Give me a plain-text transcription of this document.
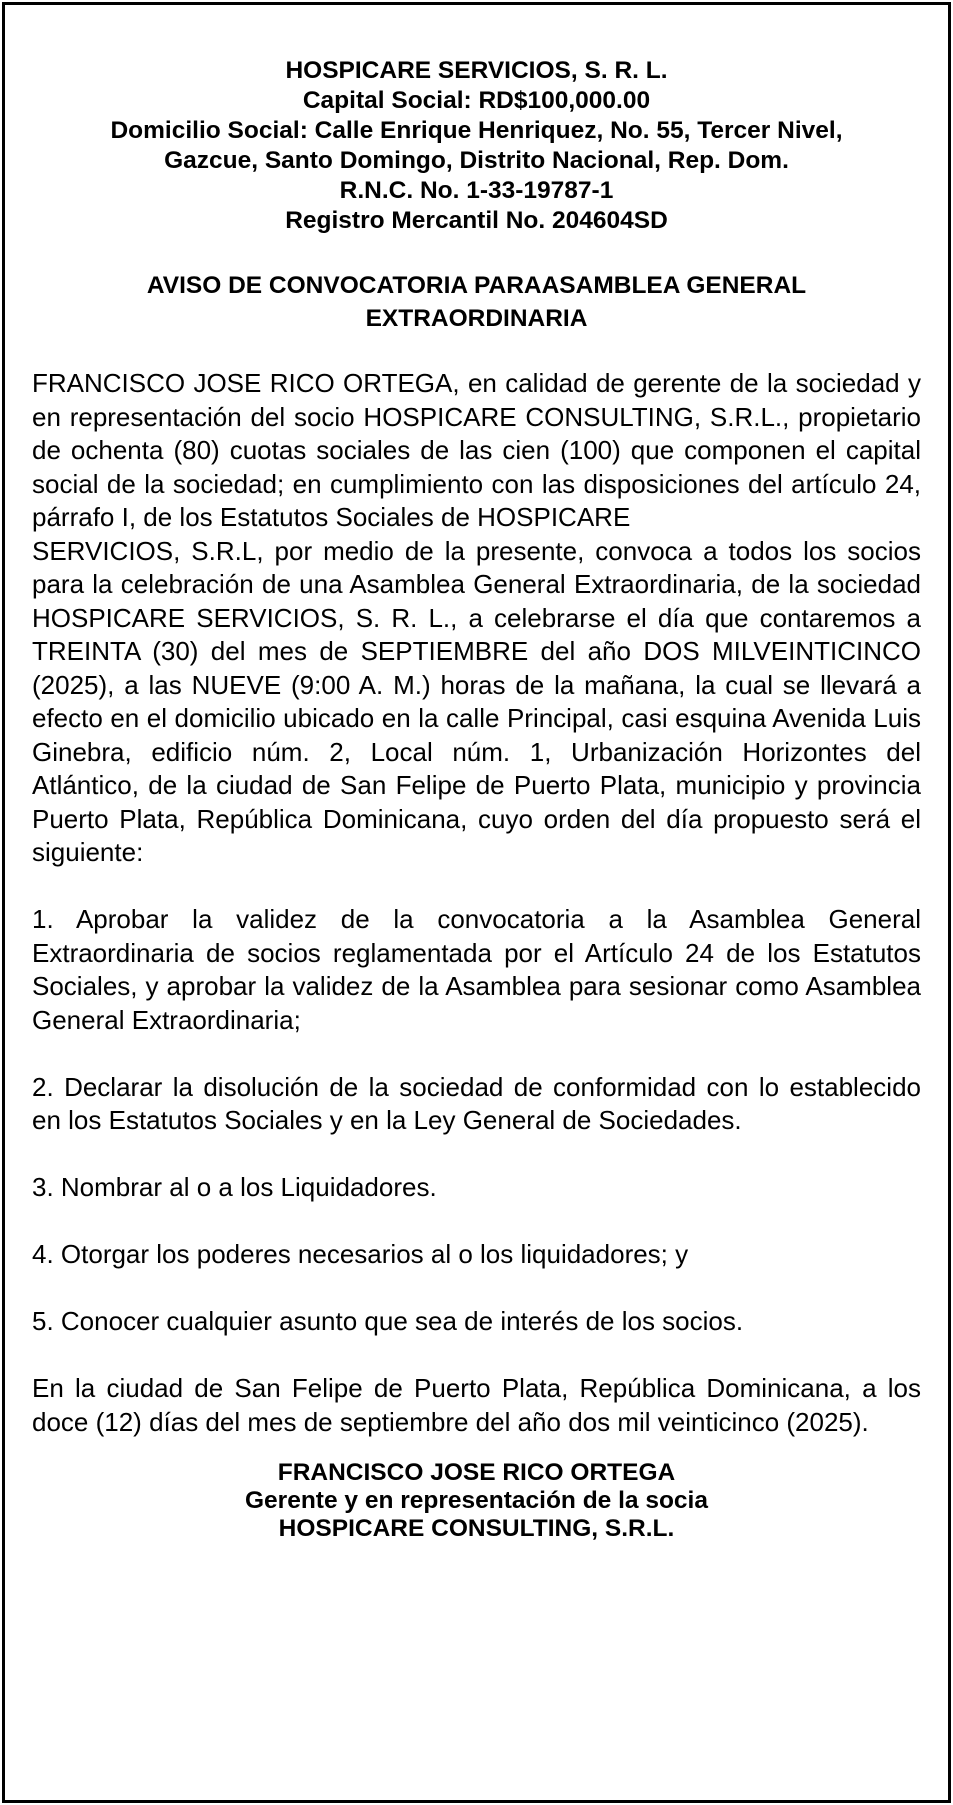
HOSPICARE SERVICIOS, S. R. L.
Capital Social: RD$100,000.00
Domicilio Social: Calle Enrique Henriquez, No. 55, Tercer Nivel,
Gazcue, Santo Domingo, Distrito Nacional, Rep. Dom.
R.N.C. No. 1-33-19787-1
Registro Mercantil No. 204604SD
AVISO DE CONVOCATORIA PARAASAMBLEA GENERAL
EXTRAORDINARIA
FRANCISCO JOSE RICO ORTEGA, en calidad de gerente de la sociedad y en representación del socio HOSPICARE CONSULTING, S.R.L., propietario de ochenta (80) cuotas sociales de las cien (100) que componen el capital social de la sociedad; en cumplimiento con las disposiciones del artículo 24, párrafo I, de los Estatutos Sociales de HOSPICARE
SERVICIOS, S.R.L, por medio de la presente, convoca a todos los socios para la celebración de una Asamblea General Extraordinaria, de la sociedad HOSPICARE SERVICIOS, S. R. L., a celebrarse el día que contaremos a TREINTA (30) del mes de SEPTIEMBRE del año DOS MILVEINTICINCO (2025), a las NUEVE (9:00 A. M.) horas de la mañana, la cual se llevará a efecto en el domicilio ubicado en la calle Principal, casi esquina Avenida Luis Ginebra, edificio núm. 2, Local núm. 1, Urbanización Horizontes del Atlántico, de la ciudad de San Felipe de Puerto Plata, municipio y provincia Puerto Plata, República Dominicana, cuyo orden del día propuesto será el siguiente:
1. Aprobar la validez de la convocatoria a la Asamblea General Extraordinaria de socios reglamentada por el Artículo 24 de los Estatutos Sociales, y aprobar la validez de la Asamblea para sesionar como Asamblea General Extraordinaria;
2. Declarar la disolución de la sociedad de conformidad con lo establecido en los Estatutos Sociales y en la Ley General de Sociedades.
3. Nombrar al o a los Liquidadores.
4. Otorgar los poderes necesarios al o los liquidadores; y
5. Conocer cualquier asunto que sea de interés de los socios.
En la ciudad de San Felipe de Puerto Plata, República Dominicana, a los doce (12) días del mes de septiembre del año dos mil veinticinco (2025).
FRANCISCO JOSE RICO ORTEGA
Gerente y en representación de la socia
HOSPICARE CONSULTING, S.R.L.
